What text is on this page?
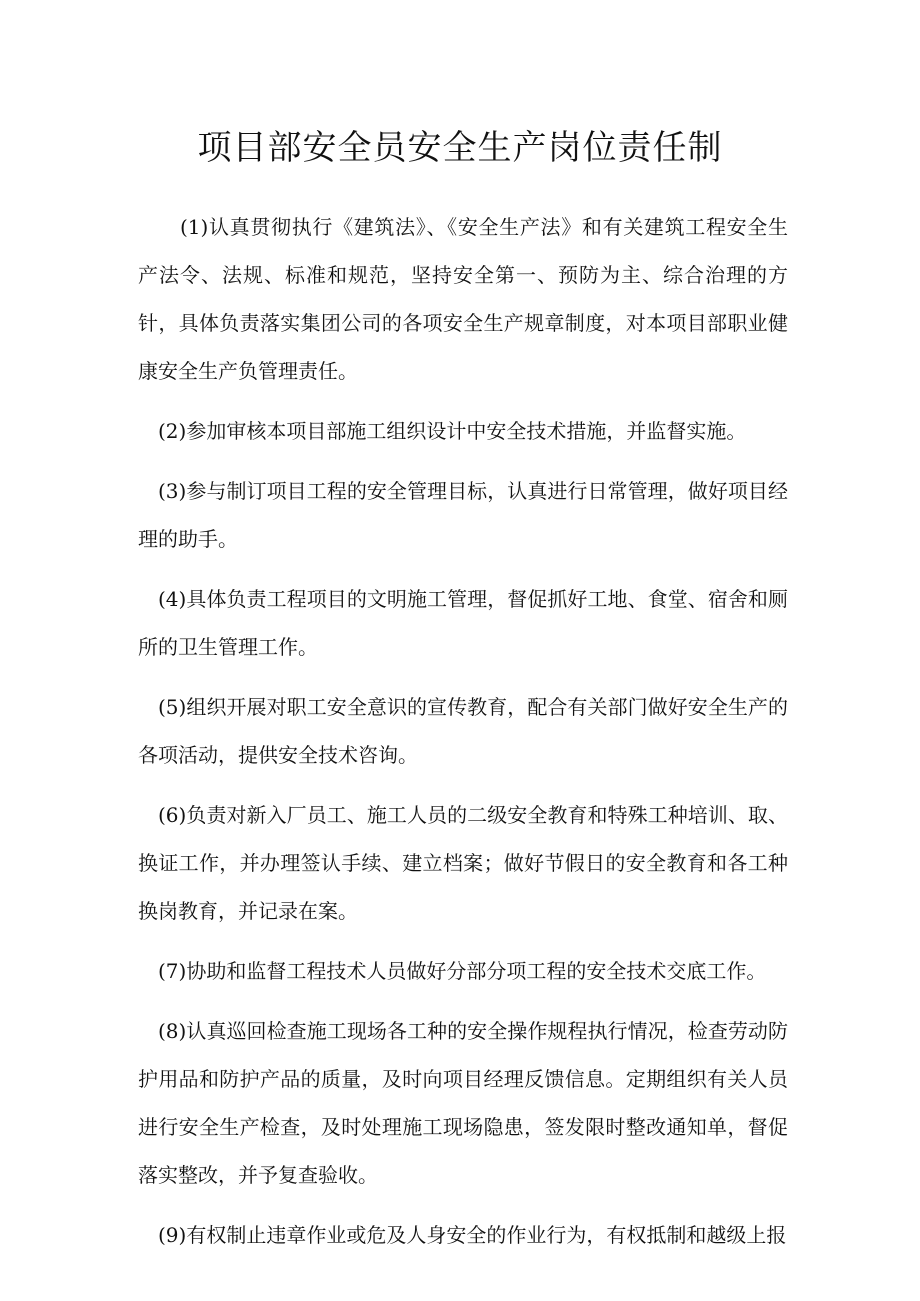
项目部安全员安全生产岗位责任制

(1)认真贯彻执行《建筑法》、《安全生产法》和有关建筑工程安全生产法令、法规、标准和规范，坚持安全第一、预防为主、综合治理的方针，具体负责落实集团公司的各项安全生产规章制度，对本项目部职业健康安全生产负管理责任。

(2)参加审核本项目部施工组织设计中安全技术措施，并监督实施。

(3)参与制订项目工程的安全管理目标，认真进行日常管理，做好项目经理的助手。

(4)具体负责工程项目的文明施工管理，督促抓好工地、食堂、宿舍和厕所的卫生管理工作。

(5)组织开展对职工安全意识的宣传教育，配合有关部门做好安全生产的各项活动，提供安全技术咨询。

(6)负责对新入厂员工、施工人员的二级安全教育和特殊工种培训、取、换证工作，并办理签认手续、建立档案；做好节假日的安全教育和各工种换岗教育，并记录在案。

(7)协助和监督工程技术人员做好分部分项工程的安全技术交底工作。

(8)认真巡回检查施工现场各工种的安全操作规程执行情况，检查劳动防护用品和防护产品的质量，及时向项目经理反馈信息。定期组织有关人员进行安全生产检查，及时处理施工现场隐患，签发限时整改通知单，督促落实整改，并予复查验收。

(9)有权制止违章作业或危及人身安全的作业行为，有权抵制和越级上报
